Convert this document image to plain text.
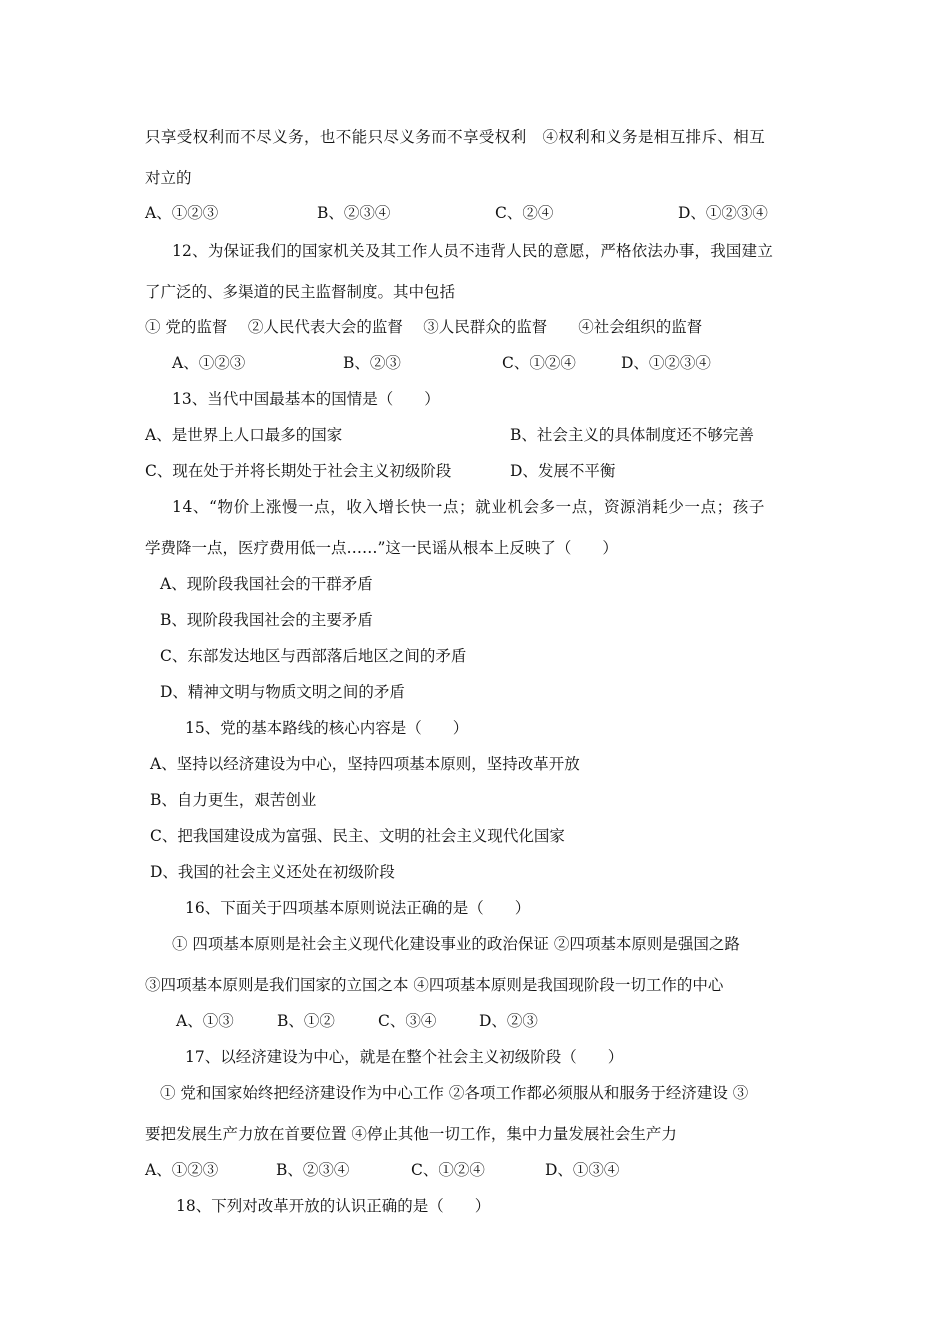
只享受权利而不尽义务，也不能只尽义务而不享受权利　④权利和义务是相互排斥、相互
对立的
A、①②③	B、②③④	C、②④	D、①②③④
12、为保证我们的国家机关及其工作人员不违背人民的意愿，严格依法办事，我国建立
了广泛的、多渠道的民主监督制度。其中包括
① 党的监督　 ②人民代表大会的监督　 ③人民群众的监督　　④社会组织的监督
A、①②③	B、②③	C、①②④	D、①②③④
13、当代中国最基本的国情是（　　）
A、是世界上人口最多的国家	B、社会主义的具体制度还不够完善
C、现在处于并将长期处于社会主义初级阶段	D、发展不平衡
14、“物价上涨慢一点，收入增长快一点；就业机会多一点，资源消耗少一点；孩子
学费降一点，医疗费用低一点……”这一民谣从根本上反映了（　　）
A、现阶段我国社会的干群矛盾
B、现阶段我国社会的主要矛盾
C、东部发达地区与西部落后地区之间的矛盾
D、精神文明与物质文明之间的矛盾
15、党的基本路线的核心内容是（　　）
A、坚持以经济建设为中心，坚持四项基本原则，坚持改革开放
B、自力更生，艰苦创业
C、把我国建设成为富强、民主、文明的社会主义现代化国家
D、我国的社会主义还处在初级阶段
16、下面关于四项基本原则说法正确的是（　　）
① 四项基本原则是社会主义现代化建设事业的政治保证 ②四项基本原则是强国之路
③四项基本原则是我们国家的立国之本 ④四项基本原则是我国现阶段一切工作的中心
A、①③	B、①②	C、③④	D、②③
17、以经济建设为中心，就是在整个社会主义初级阶段（　　）
① 党和国家始终把经济建设作为中心工作 ②各项工作都必须服从和服务于经济建设 ③
要把发展生产力放在首要位置 ④停止其他一切工作，集中力量发展社会生产力
A、①②③	B、②③④	C、①②④	D、①③④
18、下列对改革开放的认识正确的是（　　）
